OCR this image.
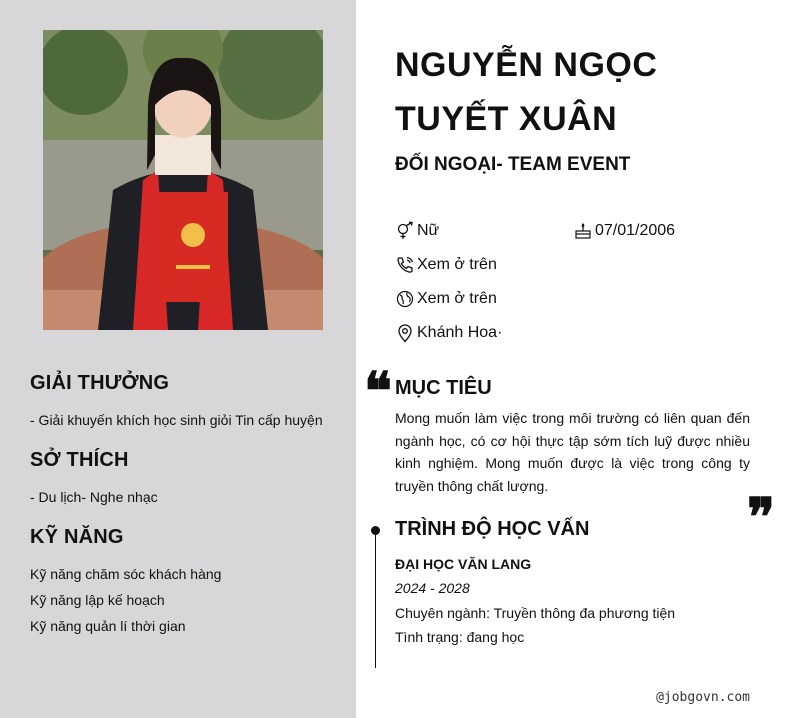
GIẢI THƯỞNG
- Giải khuyến khích học sinh giỏi Tin cấp huyện
SỞ THÍCH
- Du lịch- Nghe nhạc
KỸ NĂNG
Kỹ năng chăm sóc khách hàng
Kỹ năng lập kế hoạch
Kỹ năng quản lí thời gian
NGUYỄN NGỌC
TUYẾT XUÂN
ĐỐI NGOẠI- TEAM EVENT
Nữ	07/01/2006
Xem ở trên
Xem ở trên
Khánh Hoa·
❝ MỤC TIÊU

Mong muốn làm việc trong môi trường có liên quan đến ngành học, có cơ hội thực tập sớm tích luỹ được nhiều kinh nghiệm. Mong muốn được là việc trong công ty truyền thông chất lượng.

❞
TRÌNH ĐỘ HỌC VẤN
ĐẠI HỌC VĂN LANG
2024 - 2028
Chuyên ngành: Truyền thông đa phương tiện
Tình trạng: đang học
@jobgovn.com
